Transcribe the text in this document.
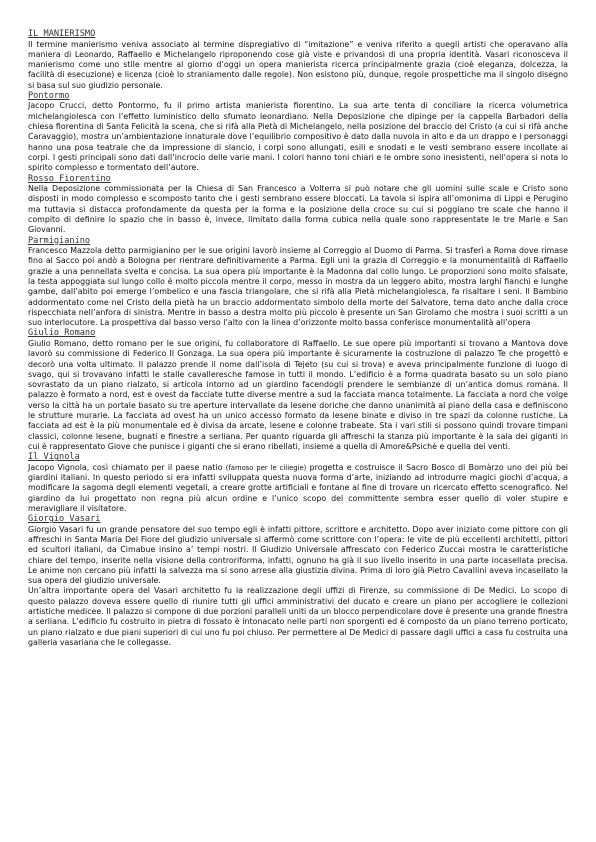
IL MANIERISMO

Il termine manierismo veniva associato al termine dispregiativo di “imitazione” e veniva riferito a quegli artisti che operavano alla maniera di Leonardo, Raffaello e Michelangelo riproponendo cose già viste e privandosi di una propria identità. Vasari riconosceva il manierismo come uno stile mentre al giorno d’oggi un opera manierista ricerca principalmente grazia (cioè eleganza, dolcezza, la facilità di esecuzione) e licenza (cioè lo straniamento dalle regole). Non esistono più, dunque, regole prospettiche ma il singolo disegno si basa sul suo giudizio personale.

Pontormo

Jacopo Crucci, detto Pontormo, fu il primo artista manierista fiorentino. La sua arte tenta di conciliare la ricerca volumetrica michelangiolesca con l’effetto luministico dello sfumato leonardiano. Nella Deposizione che dipinge per la cappella Barbadori della chiesa fiorentina di Santa Felicità la scena, che si rifà alla Pietà di Michelangelo, nella posizione del braccio del Cristo (a cui si rifà anche Caravaggio), mostra un’ambientazione innaturale dove l’equilibrio compositivo è dato dalla nuvola in alto e da un drappo e i personaggi hanno una posa teatrale che da impressione di slancio, i corpi sono allungati, esili e snodati e le vesti sembrano essere incollate ai corpi. I gesti principali sono dati dall’incrocio delle varie mani. I colori hanno toni chiari e le ombre sono inesistenti, nell’opera si nota lo spirito complesso e tormentato dell’autore.

Rosso Fiorentino

Nella Deposizione commissionata per la Chiesa di San Francesco a Volterra si può notare che gli uomini sulle scale e Cristo sono disposti in modo complesso e scomposto tanto che i gesti sembrano essere bloccati. La tavola si ispira all’omonima di Lippi e Perugino ma tuttavia si distacca profondamente da questa per la forma e la posizione della croce su cui si poggiano tre scale che hanno il compito di definire lo spazio che in basso è, invece, limitato dalla forma cubica nella quale sono rappresentate le tre Marie e San Giovanni.

Parmigianino

Francesco Mazzola detto parmigianino per le sue origini lavorò insieme al Correggio al Duomo di Parma. Si trasferì a Roma dove rimase fino al Sacco poi andò a Bologna per rientrare definitivamente a Parma. Egli unì la grazia di Correggio e la monumentalità di Raffaello grazie a una pennellata svelta e concisa. La sua opera più importante è la Madonna dal collo lungo. Le proporzioni sono molto sfalsate, la testa appoggiata sul lungo collo è molto piccola mentre il corpo, messo in mostra da un leggero abito, mostra larghi fianchi e lunghe gambe, dall’abito poi emerge l’ombelico e una fascia triangolare, che si rifà alla Pietà michelangiolesca, fa risaltare i seni. Il Bambino addormentato come nel Cristo della pietà ha un braccio addormentato simbolo della morte del Salvatore, tema dato anche dalla croce rispecchiata nell’anfora di sinistra. Mentre in basso a destra molto più piccolo è presente un San Girolamo che mostra i suoi scritti a un suo interlocutore. La prospettiva dal basso verso l’alto con la linea d’orizzonte molto bassa conferisce monumentalità all’opera

Giulio Romano

Giulio Romano, detto romano per le sue origini, fu collaboratore di Raffaello. Le sue opere più importanti si trovano a Mantova dove lavorò su commissione di Federico II Gonzaga. La sua opera più importante è sicuramente la costruzione di palazzo Te che progettò e decorò una volta ultimato. Il palazzo prende il nome dall’isola di Tejeto (su cui si trova) e aveva principalmente funzione di luogo di svago, qui si trovavano infatti le stalle cavalleresche famose in tutti il mondo. L’edificio è a forma quadrata basato su un solo piano sovrastato da un piano rialzato, si articola intorno ad un giardino facendogli prendere le sembianze di un’antica domus romana. Il palazzo è formato a nord, est e ovest da facciate tutte diverse mentre a sud la facciata manca totalmente. La facciata a nord che volge verso la città ha un portale basato su tre aperture intervallate da lesene doriche che danno unanimità al piano della casa e definiscono le strutture murarie. La facciata ad ovest ha un unico accesso formato da lesene binate e diviso in tre spazi da colonne rustiche. La facciata ad est è la più monumentale ed è divisa da arcate, lesene e colonne trabeate. Sta i vari stili si possono quindi trovare timpani classici, colonne lesene, bugnati e finestre a serliana. Per quanto riguarda gli affreschi la stanza più importante è la sala dei giganti in cui è rappresentato Giove che punisce i giganti che si erano ribellati, insieme a quella di Amore&Psichè e quella dei venti.

Il Vignola

Jacopo Vignola, così chiamato per il paese natio (famoso per le ciliegie) progetta e costruisce il Sacro Bosco di Bomàrzo uno dei più bei giardini italiani. In questo periodo si era infatti sviluppata questa nuova forma d’arte, iniziando ad introdurre magici giochi d’acqua, a modificare la sagoma degli elementi vegetali, a creare grotte artificiali e fontane al fine di trovare un ricercato effetto scenografico. Nel giardino da lui progettato non regna più alcun ordine e l’unico scopo del committente sembra esser quello di voler stupire e meravigliare il visitatore.

Giorgio Vasari

Giorgio Vasari fu un grande pensatore del suo tempo egli è infatti pittore, scrittore e architetto. Dopo aver iniziato come pittore con gli affreschi in Santa Maria Del Fiore del giudizio universale si affermò come scrittore con l’opera: le vite de più eccellenti architetti, pittori ed scultori italiani, da Cimabue insino a’ tempi nostri. Il Giudizio Universale affrescato con Federico Zuccai mostra le caratteristiche chiare del tempo, inserite nella visione della controriforma, infatti, ognuno ha già il suo livello inserito in una parte incasellata precisa. Le anime non cercano più infatti la salvezza ma si sono arrese alla giustizia divina. Prima di loro già Pietro Cavallini aveva incasellato la sua opera del giudizio universale.

Un’altra importante opera del Vasari architetto fu la realizzazione degli uffizi di Firenze, su commissione di De Medici. Lo scopo di questo palazzo doveva essere quello di riunire tutti gli uffici amministrativi del ducato e creare un piano per accogliere le collezioni artistiche medicee. Il palazzo si compone di due porzioni paralleli uniti da un blocco perpendicolare dove è presente una grande finestra a serliana. L’edificio fu costruito in pietra di fossato è intonacato nelle parti non sporgenti ed è composto da un piano terreno porticato, un piano rialzato e due piani superiori di cui uno fu poi chiuso. Per permettere al De Medici di passare dagli uffici a casa fu costruita una galleria vasariana che le collegasse.
